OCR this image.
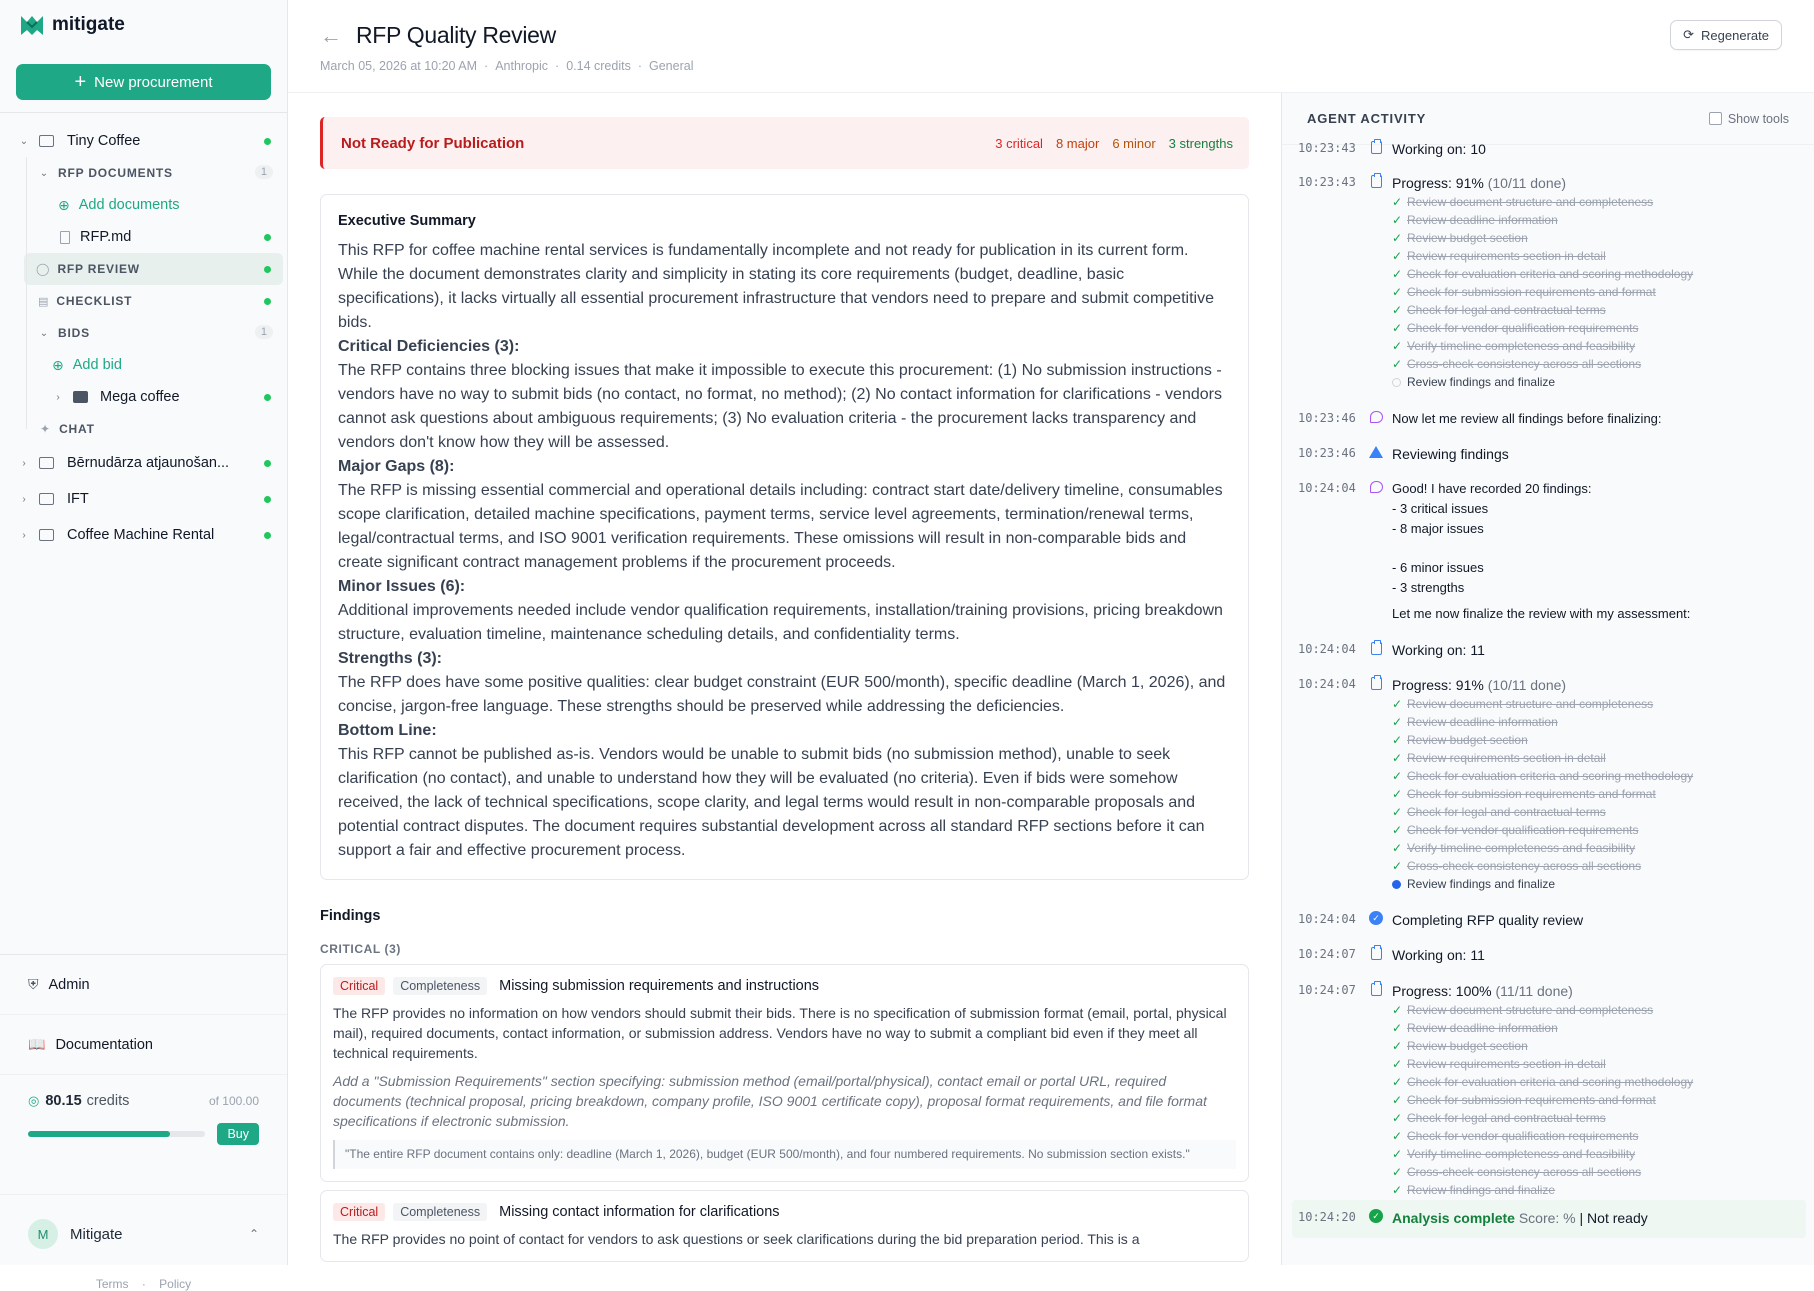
mitigate
+ New procurement
⌄	Tiny Coffee
⌄ RFP DOCUMENTS	1
⊕ Add documents
RFP.md
◯ RFP REVIEW
▤ CHECKLIST
⌄ BIDS	1
⊕ Add bid
›	Mega coffee
✦ CHAT
›	Bērnudārza atjaunošan...
›	IFT
›	Coffee Machine Rental
⛨ Admin
📖 Documentation
◎ 80.15 credits	of 100.00
Buy
M	Mitigate	⌃
Terms · Policy
← RFP Quality Review
March 05, 2026 at 10:20 AM · Anthropic · 0.14 credits · General
⟳ Regenerate
Not Ready for Publication	3 critical 8 major 6 minor 3 strengths
Executive Summary

This RFP for coffee machine rental services is fundamentally incomplete and not ready for publication in its current form. While the document demonstrates clarity and simplicity in stating its core requirements (budget, deadline, basic specifications), it lacks virtually all essential procurement infrastructure that vendors need to prepare and submit competitive bids.

Critical Deficiencies (3):

The RFP contains three blocking issues that make it impossible to execute this procurement: (1) No submission instructions - vendors have no way to submit bids (no contact, no format, no method); (2) No contact information for clarifications - vendors cannot ask questions about ambiguous requirements; (3) No evaluation criteria - the procurement lacks transparency and vendors don't know how they will be assessed.

Major Gaps (8):

The RFP is missing essential commercial and operational details including: contract start date/delivery timeline, consumables scope clarification, detailed machine specifications, payment terms, service level agreements, termination/renewal terms, legal/contractual terms, and ISO 9001 verification requirements. These omissions will result in non-comparable bids and create significant contract management problems if the procurement proceeds.

Minor Issues (6):

Additional improvements needed include vendor qualification requirements, installation/training provisions, pricing breakdown structure, evaluation timeline, maintenance scheduling details, and confidentiality terms.

Strengths (3):

The RFP does have some positive qualities: clear budget constraint (EUR 500/month), specific deadline (March 1, 2026), and concise, jargon-free language. These strengths should be preserved while addressing the deficiencies.

Bottom Line:

This RFP cannot be published as-is. Vendors would be unable to submit bids (no submission method), unable to seek clarification (no contact), and unable to understand how they will be evaluated (no criteria). Even if bids were somehow received, the lack of technical specifications, scope clarity, and legal terms would result in non-comparable proposals and potential contract disputes. The document requires substantial development across all standard RFP sections before it can support a fair and effective procurement process.

Findings
CRITICAL (3)
Critical	Completeness	Missing submission requirements and instructions
The RFP provides no information on how vendors should submit their bids. There is no specification of submission format (email, portal, physical mail), required documents, contact information, or submission address. Vendors have no way to submit a compliant bid even if they meet all technical requirements.
Add a "Submission Requirements" section specifying: submission method (email/portal/physical), contact email or portal URL, required documents (technical proposal, pricing breakdown, company profile, ISO 9001 certificate copy), proposal format requirements, and file format specifications if electronic submission.
"The entire RFP document contains only: deadline (March 1, 2026), budget (EUR 500/month), and four numbered requirements. No submission section exists."
Critical	Completeness	Missing contact information for clarifications
The RFP provides no point of contact for vendors to ask questions or seek clarifications during the bid preparation period. This is a
AGENT ACTIVITY	Show tools
10:23:43	Working on: 10
10:23:43	Progress: 91% (10/11 done)
✓ Review document structure and completeness
✓ Review deadline information
✓ Review budget section
✓ Review requirements section in detail
✓ Check for evaluation criteria and scoring methodology
✓ Check for submission requirements and format
✓ Check for legal and contractual terms
✓ Check for vendor qualification requirements
✓ Verify timeline completeness and feasibility
✓ Cross-check consistency across all sections
Review findings and finalize
10:23:46	Now let me review all findings before finalizing:
10:23:46	Reviewing findings
10:24:04	Good! I have recorded 20 findings:
- 3 critical issues
- 8 major issues
- 6 minor issues
- 3 strengths
Let me now finalize the review with my assessment:
10:24:04	Working on: 11
10:24:04	Progress: 91% (10/11 done)
✓ Review document structure and completeness
✓ Review deadline information
✓ Review budget section
✓ Review requirements section in detail
✓ Check for evaluation criteria and scoring methodology
✓ Check for submission requirements and format
✓ Check for legal and contractual terms
✓ Check for vendor qualification requirements
✓ Verify timeline completeness and feasibility
✓ Cross-check consistency across all sections
Review findings and finalize
10:24:04	✓ Completing RFP quality review
10:24:07	Working on: 11
10:24:07	Progress: 100% (11/11 done)
✓ Review document structure and completeness
✓ Review deadline information
✓ Review budget section
✓ Review requirements section in detail
✓ Check for evaluation criteria and scoring methodology
✓ Check for submission requirements and format
✓ Check for legal and contractual terms
✓ Check for vendor qualification requirements
✓ Verify timeline completeness and feasibility
✓ Cross-check consistency across all sections
✓ Review findings and finalize
10:24:20	✓ Analysis complete Score: % | Not ready
